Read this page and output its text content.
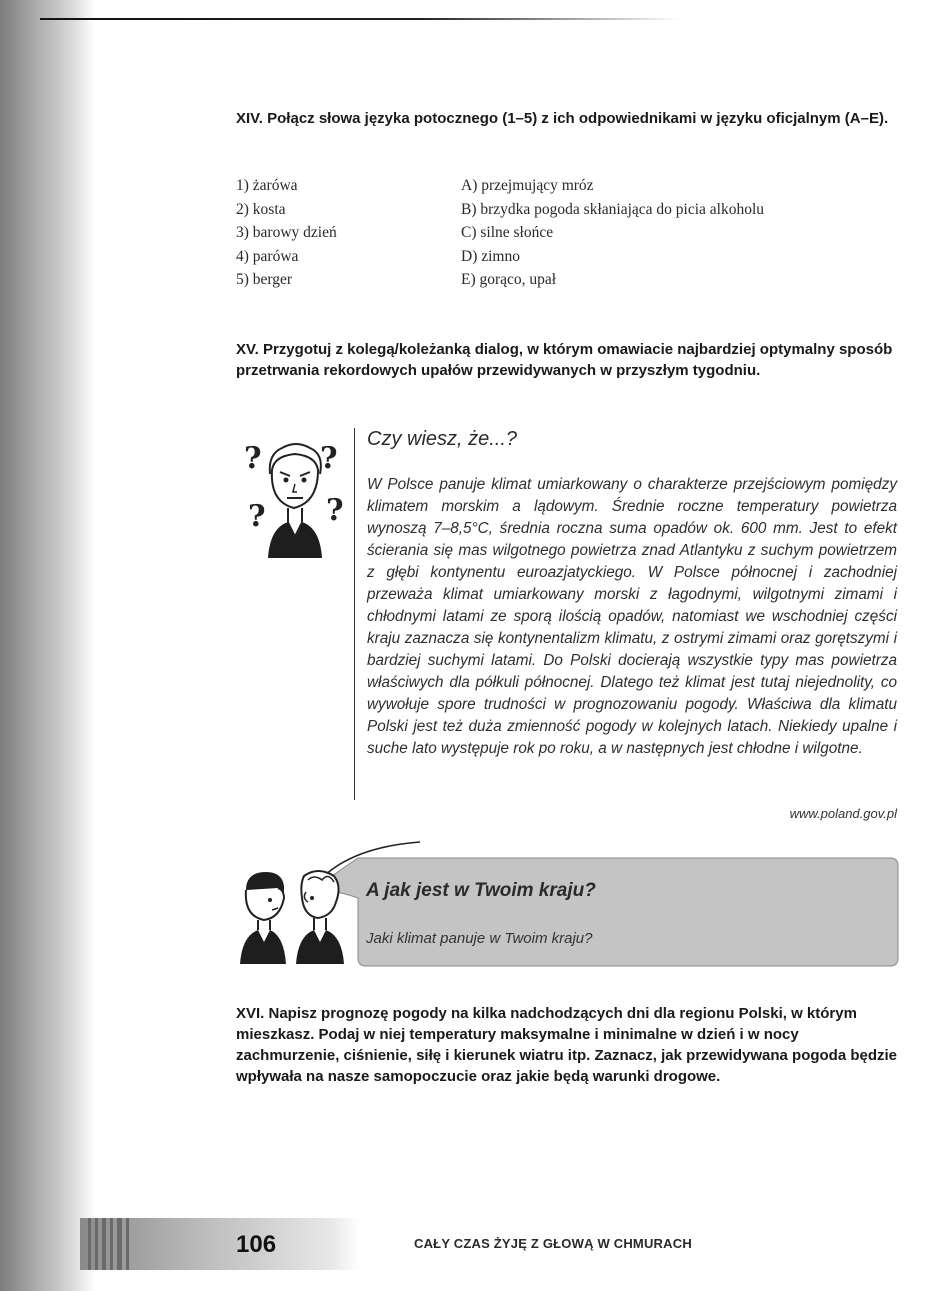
XIV. Połącz słowa języka potocznego (1–5) z ich odpowiednikami w języku oficjalnym (A–E).
1) żarówa
2) kosta
3) barowy dzień
4) parówa
5) berger
A) przejmujący mróz
B) brzydka pogoda skłaniająca do picia alkoholu
C) silne słońce
D) zimno
E) gorąco, upał
XV. Przygotuj z kolegą/koleżanką dialog, w którym omawiacie najbardziej optymalny sposób przetrwania rekordowych upałów przewidywanych w przyszłym tygodniu.
? ?
? ?
Czy wiesz, że...?

W Polsce panuje klimat umiarkowany o charakterze przejściowym pomiędzy klimatem morskim a lądowym. Średnie roczne temperatury powietrza wynoszą 7–8,5°C, średnia roczna suma opadów ok. 600 mm. Jest to efekt ścierania się mas wilgotnego powietrza znad Atlantyku z suchym powietrzem z głębi kontynentu euroazjatyckiego. W Polsce północnej i zachodniej przeważa klimat umiarkowany morski z łagodnymi, wilgotnymi zimami i chłodnymi latami ze sporą ilością opadów, natomiast we wschodniej części kraju zaznacza się kontynentalizm klimatu, z ostrymi zimami oraz gorętszymi i bardziej suchymi latami. Do Polski docierają wszystkie typy mas powietrza właściwych dla półkuli północnej. Dlatego też klimat jest tutaj niejednolity, co wywołuje spore trudności w prognozowaniu pogody. Właściwa dla klimatu Polski jest też duża zmienność pogody w kolejnych latach. Niekiedy upalne i suche lato występuje rok po roku, a w następnych jest chłodne i wilgotne.

www.poland.gov.pl
A jak jest w Twoim kraju?
Jaki klimat panuje w Twoim kraju?
XVI. Napisz prognozę pogody na kilka nadchodzących dni dla regionu Polski, w którym mieszkasz. Podaj w niej temperatury maksymalne i minimalne w dzień i w nocy zachmurzenie, ciśnienie, siłę i kierunek wiatru itp. Zaznacz, jak przewidywana pogoda będzie wpływała na nasze samopoczucie oraz jakie będą warunki drogowe.
106	CAŁY CZAS ŻYJĘ Z GŁOWĄ W CHMURACH
